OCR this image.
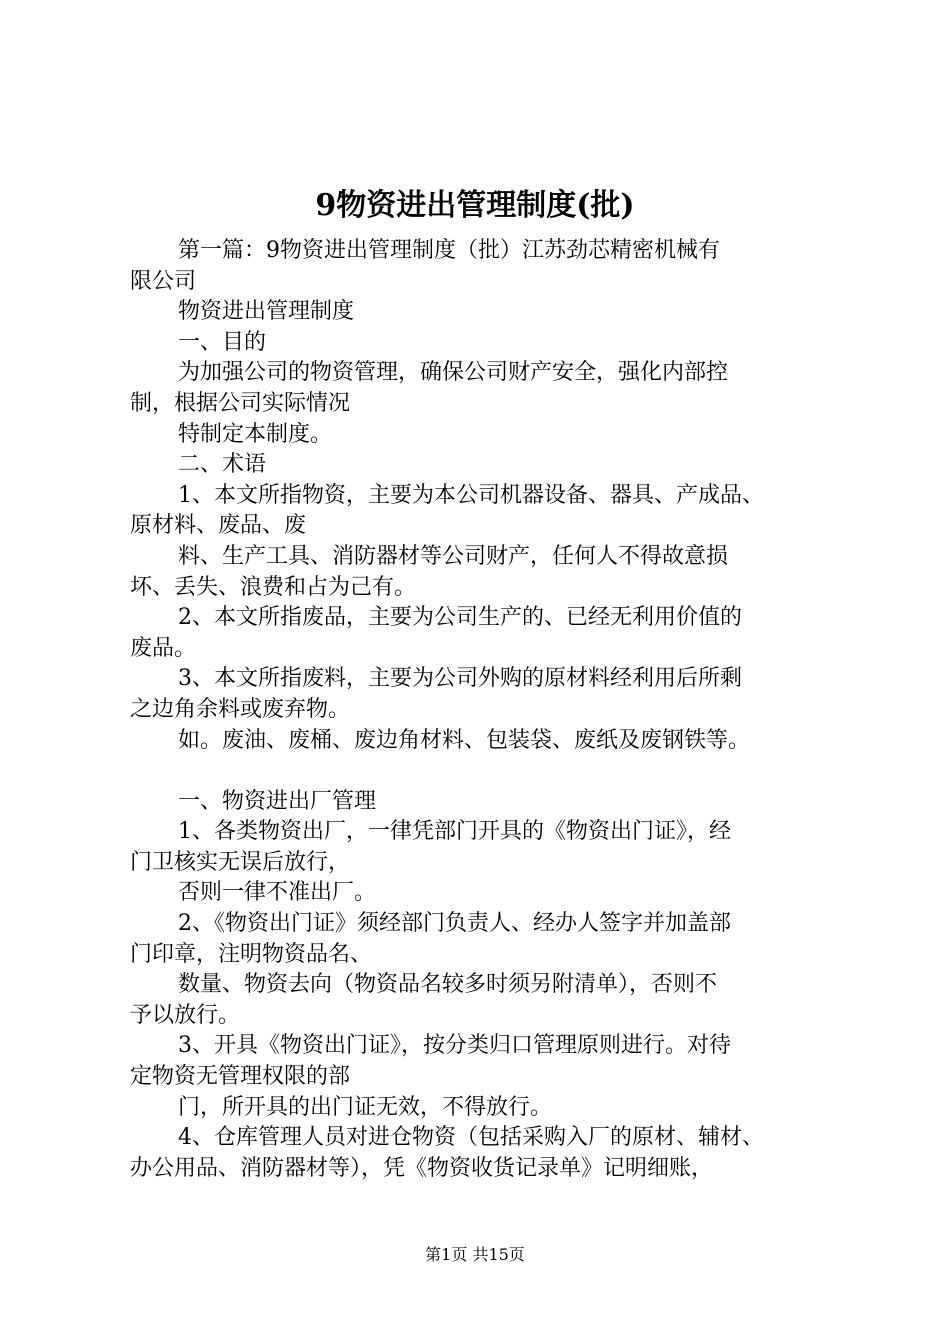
9物资进出管理制度(批)
第一篇：9物资进出管理制度（批）江苏劲芯精密机械有
限公司
物资进出管理制度
一、目的
为加强公司的物资管理，确保公司财产安全，强化内部控
制，根据公司实际情况
特制定本制度。
二、术语
1、本文所指物资，主要为本公司机器设备、器具、产成品、
原材料、废品、废
料、生产工具、消防器材等公司财产，任何人不得故意损
坏、丢失、浪费和占为己有。
2、本文所指废品，主要为公司生产的、已经无利用价值的
废品。
3、本文所指废料，主要为公司外购的原材料经利用后所剩
之边角余料或废弃物。
如。废油、废桶、废边角材料、包装袋、废纸及废钢铁等。
一、物资进出厂管理
1、各类物资出厂，一律凭部门开具的《物资出门证》，经
门卫核实无误后放行，
否则一律不准出厂。
2、《物资出门证》须经部门负责人、经办人签字并加盖部
门印章，注明物资品名、
数量、物资去向（物资品名较多时须另附清单），否则不
予以放行。
3、开具《物资出门证》，按分类归口管理原则进行。对待
定物资无管理权限的部
门，所开具的出门证无效，不得放行。
4、仓库管理人员对进仓物资（包括采购入厂的原材、辅材、
办公用品、消防器材等），凭《物资收货记录单》记明细账，
第1页 共15页
